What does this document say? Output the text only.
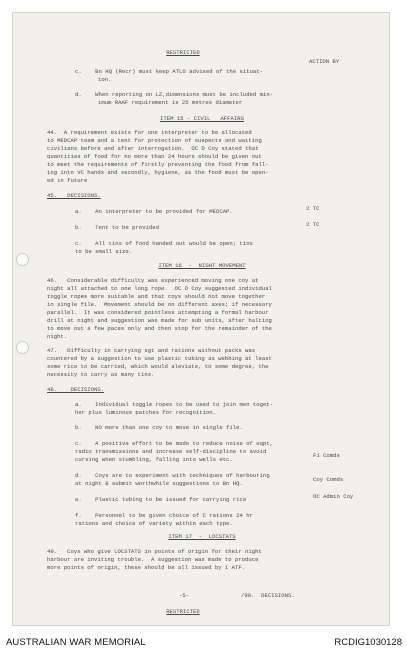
RESTRICTED
ACTION BY
c.    Bn HQ (Recr) must keep ATLO advised of the situat-
ion.
d.    When reporting on LZ,dimensions must be included min-
imum RAAF requirement is 25 metres diameter
ITEM 15 - CIVIL   AFFAIRS
44.  A requirement exists for one interpreter to be allocated
to MEDCAP team and a tent for protection of suspects and waiting
civilians before and after interrogation.  OC D Coy stated that
quantities of food for no more than 24 hours should be given out
to meet the requirements of firstly preventing the food from fall-
ing into VC hands and secondly, hygiene, as the food must be open-
ed in future
45.   DECISIONS.
a.    An interpreter to be provided for MEDCAP.	2 TC
b.    Tent to be provided	2 TC
c.    All tins of food handed out would be open; tins
to be small size.
ITEM 16  -  NIGHT MOVEMENT
46.   Considerable difficulty was experienced moving one coy at
night all attached to one long rope.  OC D Coy suggested individual
toggle ropes more suitable and that coys should not move together
in single file.  Movement should be on different axes; if necessary
parallel.  It was considered pointless attempting a formal harbour
drill at night and suggestion was made for sub units, after halting
to move out a few paces only and then stop for the remainder of the
night.
47.   Difficulty in carrying sgt and rations without packs was
countered by a suggestion to use plastic tubing as webbing at least
some rice to be carried, which would aleviate, to some degree, the
necessity to carry as many tins.
48.    DECISIONS.
a.    Individual toggle ropes to be used to join men toget-
her plus luminous patches for recognition.
b.    NO more than one coy to move in single file.
c.    A positive effort to be made to reduce noise of eqpt,
radio transmissions and increase self-discipline to avoid
cursing when stumbling, falling into wells etc.
F1 Comds
d.    Coys are to experiment with techniques of harbouring
at night & submit worthwhile suggestions to Bn HQ.
Coy Comds
e.    Plastic tubing to be issued for carrying rice	OC Admin Coy
f.    Personnel to be given choice of C rations 24 hr
rations and choice of variety within each type.
ITEM 17  -  LOCSTATS
49.   Coys who give LOCSTATS in points of origin for their night
harbour are inviting trouble.  A suggestion was made to produce
more points of origin, these should be all issued by 1 ATF.
-5-	/90.  DECISIONS.
RESTRICTED
AUSTRALIAN WAR MEMORIAL	RCDIG1030128
